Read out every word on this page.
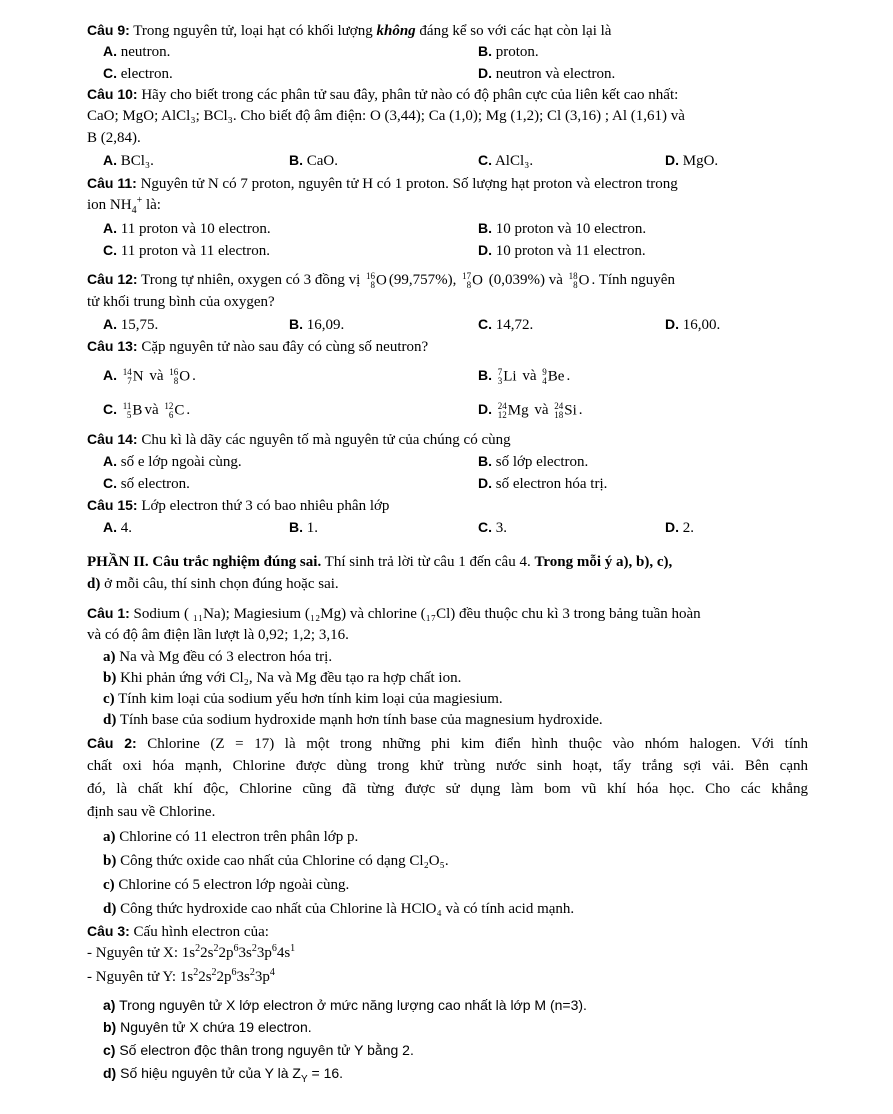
Câu 9: Trong nguyên tử, loại hạt có khối lượng không đáng kể so với các hạt còn lại là
A. neutron.	B. proton.
C. electron.	D. neutron và electron.
Câu 10: Hãy cho biết trong các phân tử sau đây, phân tử nào có độ phân cực của liên kết cao nhất:
CaO; MgO; AlCl₃; BCl₃. Cho biết độ âm điện: O (3,44); Ca (1,0); Mg (1,2); Cl (3,16) ; Al (1,61) và
B (2,84).
A. BCl₃.	B. CaO.	C. AlCl₃.	D. MgO.
Câu 11: Nguyên tử N có 7 proton, nguyên tử H có 1 proton. Số lượng hạt proton và electron trong
ion $NH_4^+$ là:
A. 11 proton và 10 electron.	B. 10 proton và 10 electron.
C. 11 proton và 11 electron.	D. 10 proton và 11 electron.
Câu 12: Trong tự nhiên, oxygen có 3 đồng vị 16
8 O (99,757%), 17
8 O (0,039%) và 18
8 O . Tính nguyên
tử khối trung bình của oxygen?
A. 15,75.	B. 16,09.	C. 14,72.	D. 16,00.
Câu 13: Cặp nguyên tử nào sau đây có cùng số neutron?
A. 14
7 N và 16
8 O .	B. 7
3 Li và 9
4 Be .
C. 11
5 B và 12
6 C .	D. 24
12 Mg và 24
18 Si .
Câu 14: Chu kì là dãy các nguyên tố mà nguyên tử của chúng có cùng
A. số e lớp ngoài cùng.	B. số lớp electron.
C. số electron.	D. số electron hóa trị.
Câu 15: Lớp electron thứ 3 có bao nhiêu phân lớp
A. 4.	B. 1.	C. 3.	D. 2.
PHẦN II. Câu trắc nghiệm đúng sai. Thí sinh trả lời từ câu 1 đến câu 4. Trong mỗi ý a), b), c),
d) ở mỗi câu, thí sinh chọn đúng hoặc sai.
Câu 1: Sodium ( ₁₁Na); Magiesium (₁₂Mg) và chlorine (₁₇Cl) đều thuộc chu kì 3 trong bảng tuần hoàn
và có độ âm điện lần lượt là 0,92; 1,2; 3,16.
a) Na và Mg đều có 3 electron hóa trị.
b) Khi phản ứng với Cl₂, Na và Mg đều tạo ra hợp chất ion.
c) Tính kim loại của sodium yếu hơn tính kim loại của magiesium.
d) Tính base của sodium hydroxide mạnh hơn tính base của magnesium hydroxide.
Câu 2: Chlorine (Z = 17) là một trong những phi kim điển hình thuộc vào nhóm halogen. Với tính
chất oxi hóa mạnh, Chlorine được dùng trong khử trùng nước sinh hoạt, tẩy trắng sợi vải. Bên cạnh
đó, là chất khí độc, Chlorine cũng đã từng được sử dụng làm bom vũ khí hóa học. Cho các khẳng
định sau về Chlorine.
a) Chlorine có 11 electron trên phân lớp p.
b) Công thức oxide cao nhất của Chlorine có dạng Cl₂O₅.
c) Chlorine có 5 electron lớp ngoài cùng.
d) Công thức hydroxide cao nhất của Chlorine là HClO₄ và có tính acid mạnh.
Câu 3: Cấu hình electron của:
- Nguyên tử X: $1s^22s^22p^63s^23p^64s^1$
- Nguyên tử Y: $1s^22s^22p^63s^23p^4$
a) Trong nguyên tử X lớp electron ở mức năng lượng cao nhất là lớp M (n=3).
b) Nguyên tử X chứa 19 electron.
c) Số electron độc thân trong nguyên tử Y bằng 2.
d) Số hiệu nguyên tử của Y là $Z_Y = 16$.
